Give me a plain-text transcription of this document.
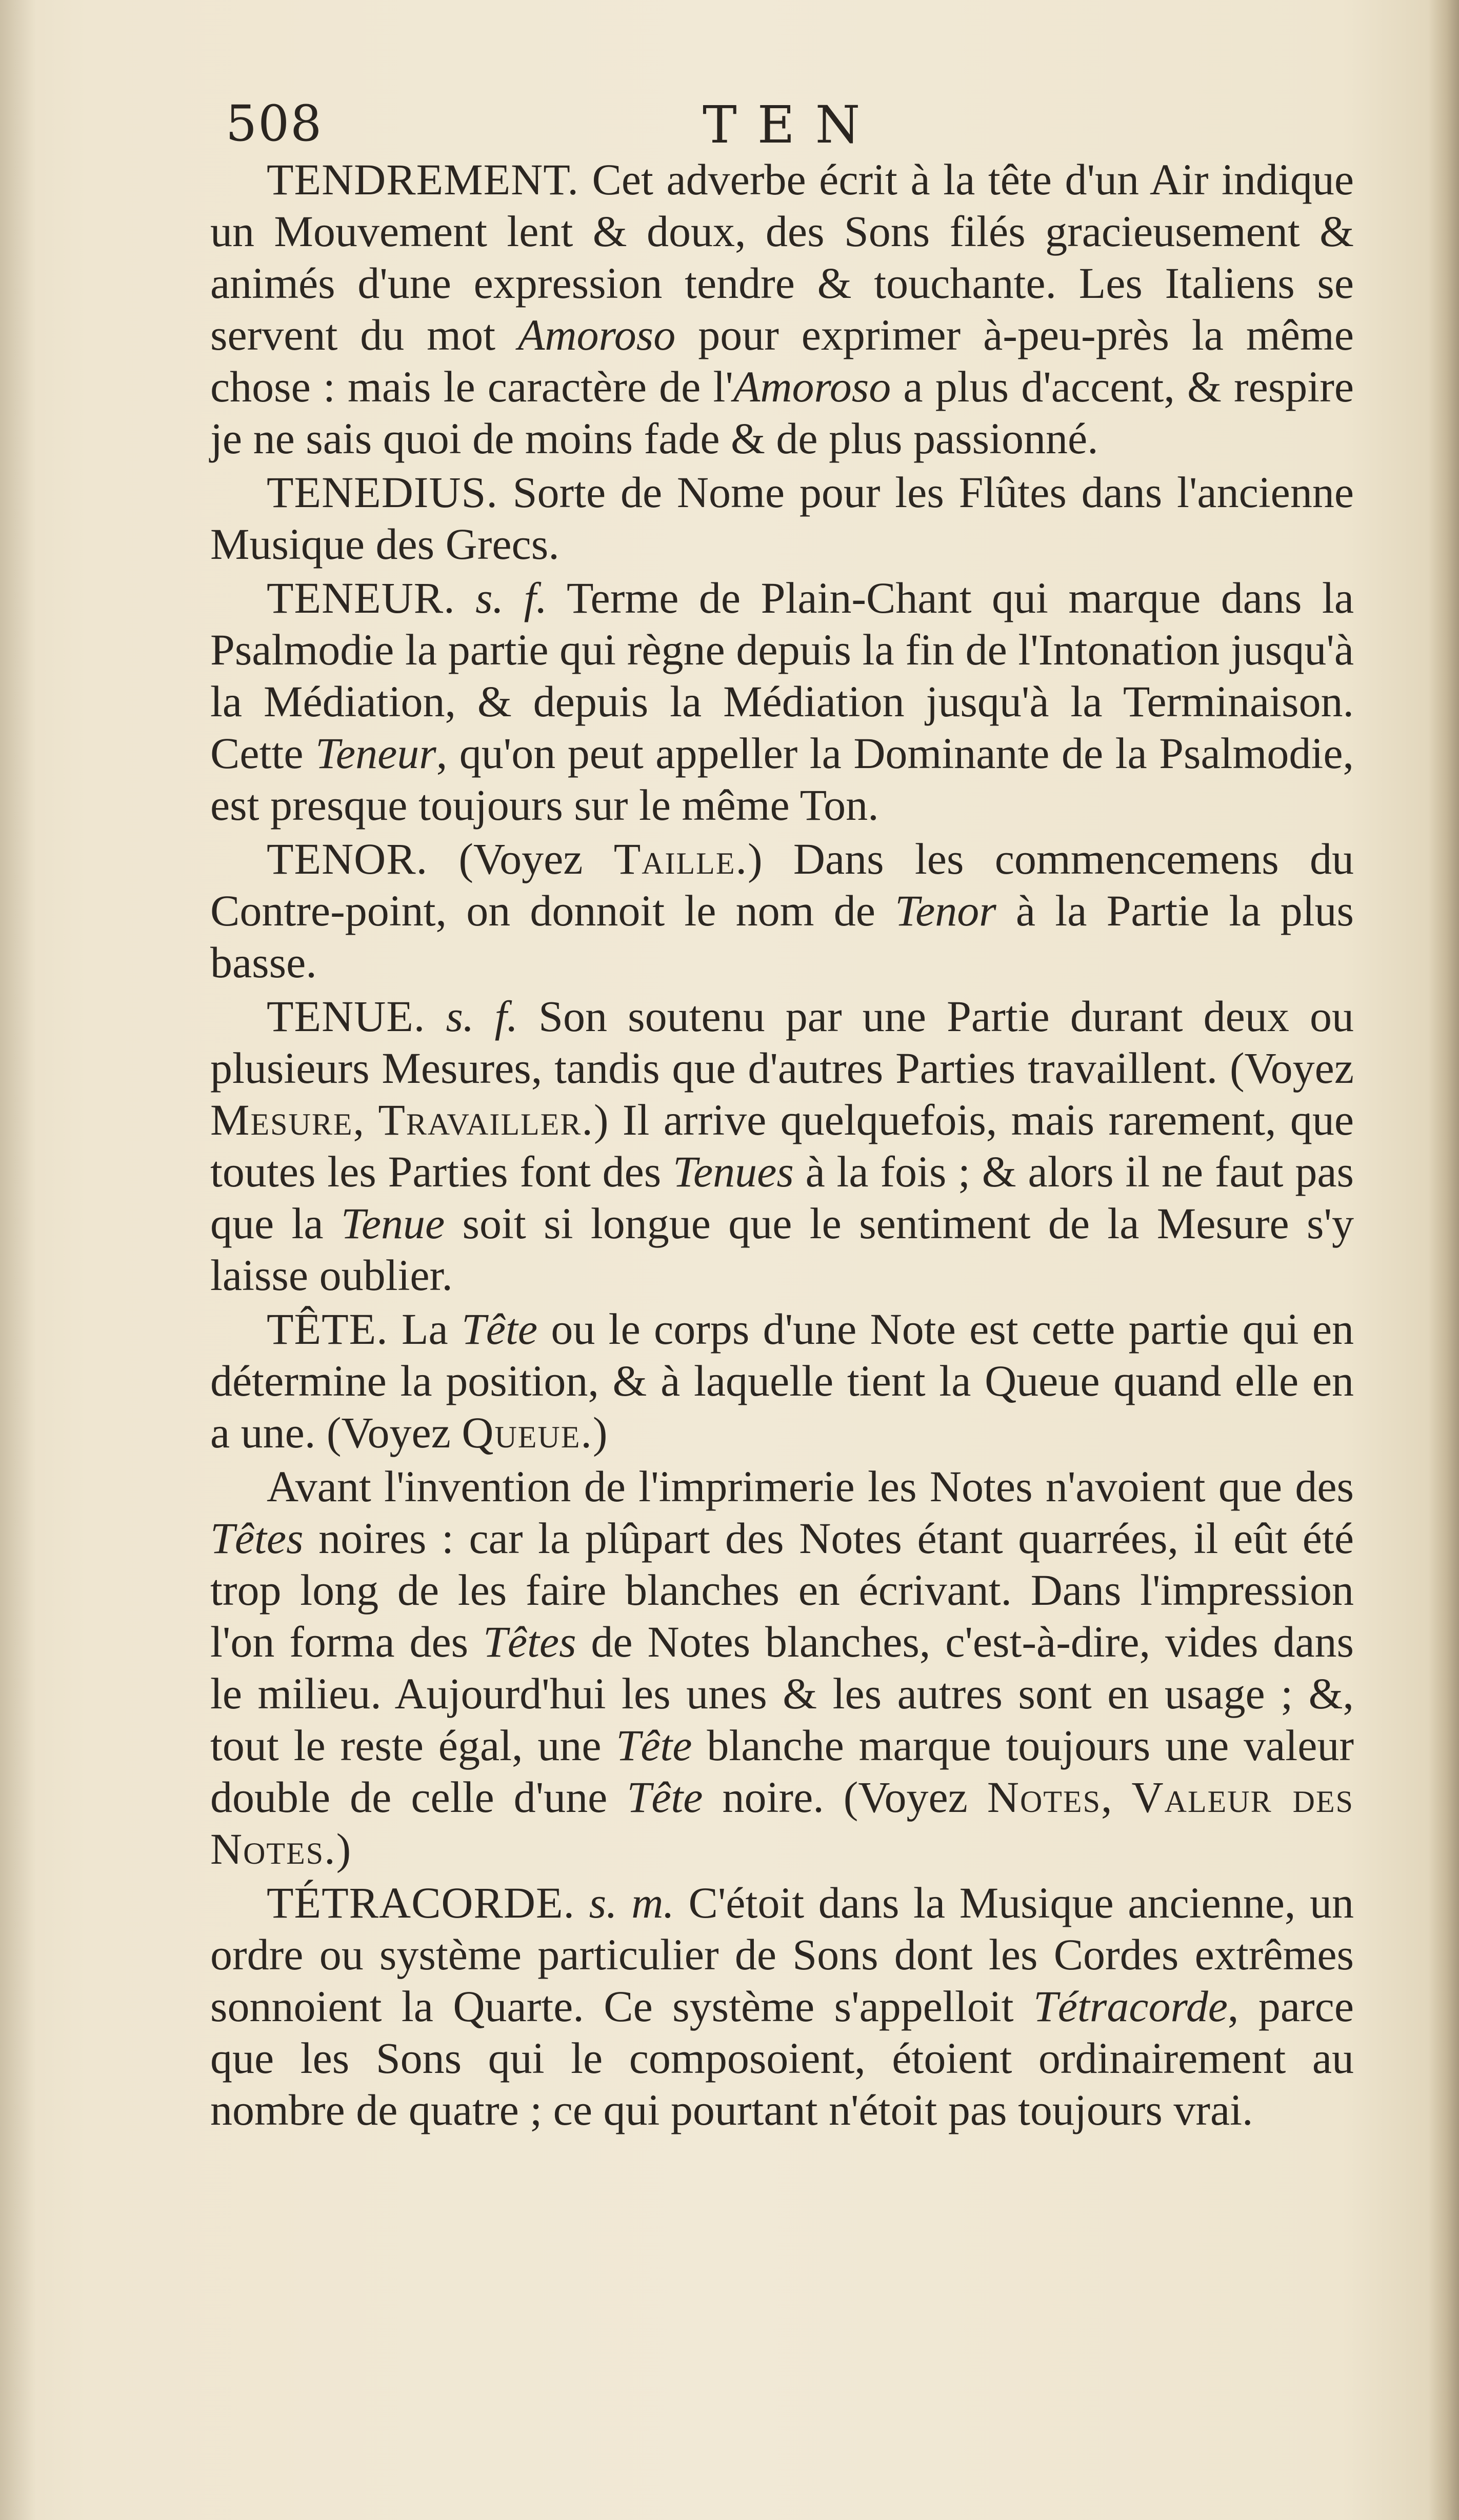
508	TEN

TENDREMENT. Cet adverbe écrit à la tête d'un Air indique un Mouvement lent & doux, des Sons filés gracieusement & animés d'une expression tendre & touchante. Les Italiens se servent du mot Amoroso pour exprimer à-peu-près la même chose : mais le caractère de l'Amoroso a plus d'accent, & respire je ne sais quoi de moins fade & de plus passionné.

TENEDIUS. Sorte de Nome pour les Flûtes dans l'ancienne Musique des Grecs.

TENEUR. s. f. Terme de Plain-Chant qui marque dans la Psalmodie la partie qui règne depuis la fin de l'Intonation jusqu'à la Médiation, & depuis la Médiation jusqu'à la Terminaison. Cette Teneur, qu'on peut appeller la Dominante de la Psalmodie, est presque toujours sur le même Ton.

TENOR. (Voyez Taille.) Dans les commencemens du Contre-point, on donnoit le nom de Tenor à la Partie la plus basse.

TENUE. s. f. Son soutenu par une Partie durant deux ou plusieurs Mesures, tandis que d'autres Parties travaillent. (Voyez Mesure, Travailler.) Il arrive quelquefois, mais rarement, que toutes les Parties font des Tenues à la fois ; & alors il ne faut pas que la Tenue soit si longue que le sentiment de la Mesure s'y laisse oublier.

TÊTE. La Tête ou le corps d'une Note est cette partie qui en détermine la position, & à laquelle tient la Queue quand elle en a une. (Voyez Queue.)

Avant l'invention de l'imprimerie les Notes n'avoient que des Têtes noires : car la plûpart des Notes étant quarrées, il eût été trop long de les faire blanches en écrivant. Dans l'impression l'on forma des Têtes de Notes blanches, c'est-à-dire, vides dans le milieu. Aujourd'hui les unes & les autres sont en usage ; &, tout le reste égal, une Tête blanche marque toujours une valeur double de celle d'une Tête noire. (Voyez Notes, Valeur des Notes.)

TÉTRACORDE. s. m. C'étoit dans la Musique ancienne, un ordre ou système particulier de Sons dont les Cordes extrêmes sonnoient la Quarte. Ce système s'appelloit Tétracorde, parce que les Sons qui le composoient, étoient ordinairement au nombre de quatre ; ce qui pourtant n'étoit pas toujours vrai.
